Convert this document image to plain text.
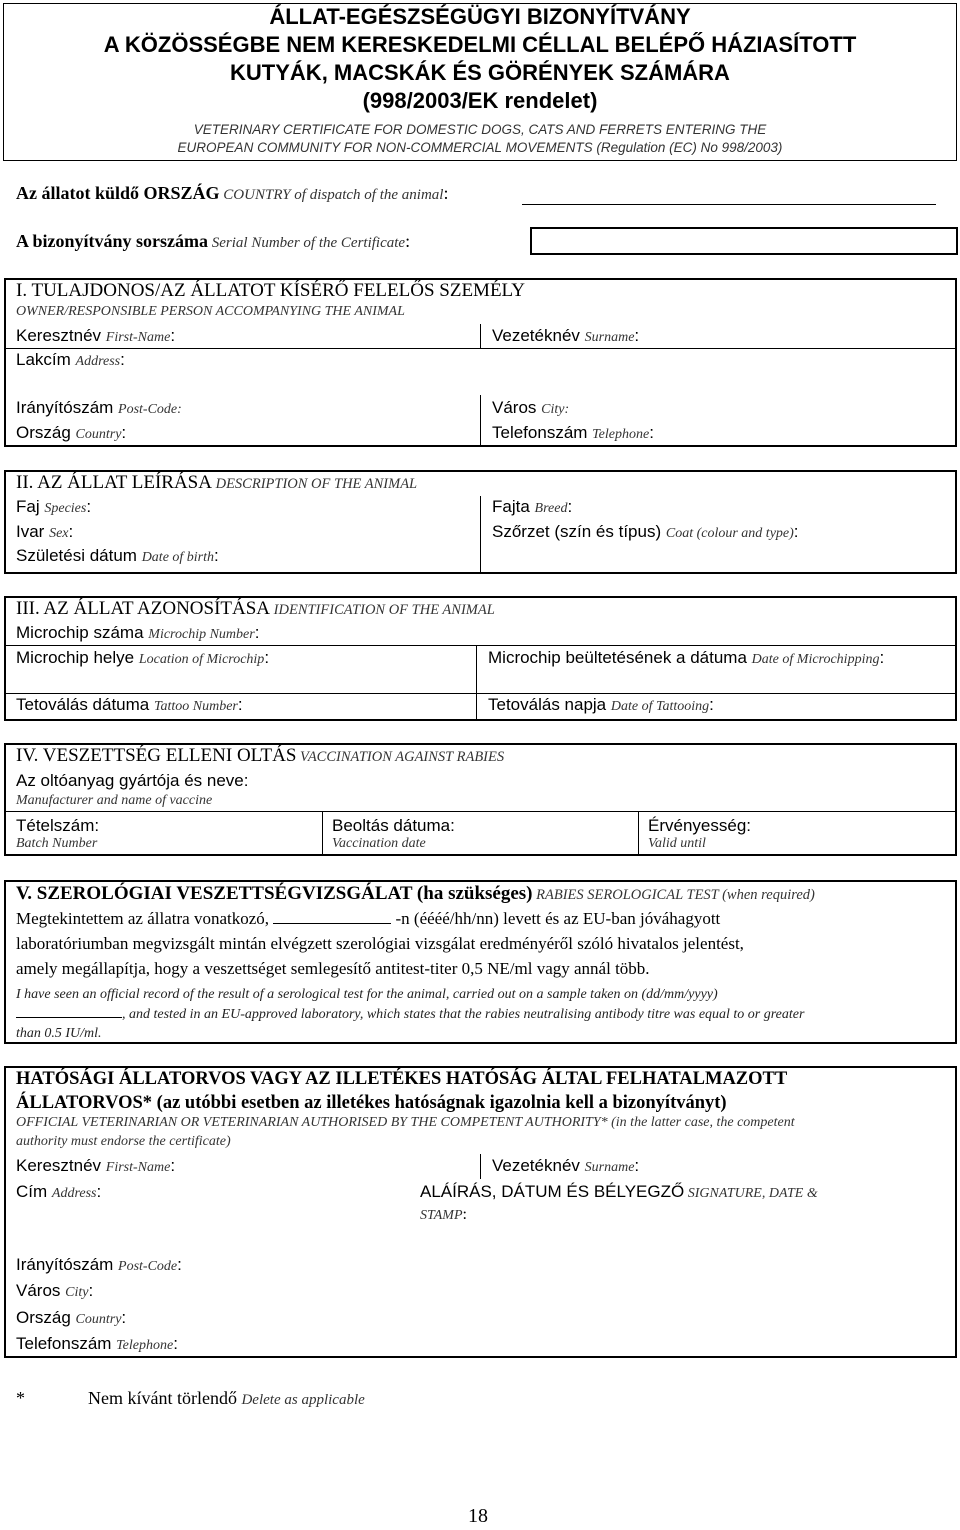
ÁLLAT-EGÉSZSÉGÜGYI BIZONYÍTVÁNY
A KÖZÖSSÉGBE NEM KERESKEDELMI CÉLLAL BELÉPŐ HÁZIASÍTOTT
KUTYÁK, MACSKÁK ÉS GÖRÉNYEK SZÁMÁRA
(998/2003/EK rendelet)
VETERINARY CERTIFICATE FOR DOMESTIC DOGS, CATS AND FERRETS ENTERING THE
EUROPEAN COMMUNITY FOR NON-COMMERCIAL MOVEMENTS (Regulation (EC) No 998/2003)
Az állatot küldő ORSZÁG COUNTRY of dispatch of the animal:
A bizonyítvány sorszáma Serial Number of the Certificate:
I. TULAJDONOS/AZ ÁLLATOT KÍSÉRŐ FELELŐS SZEMÉLY
OWNER/RESPONSIBLE PERSON ACCOMPANYING THE ANIMAL
Keresztnév First-Name:	Vezetéknév Surname:
Lakcím Address:
Irányítószám Post-Code:	Város City:
Ország Country:	Telefonszám Telephone:
II. AZ ÁLLAT LEÍRÁSA DESCRIPTION OF THE ANIMAL
Faj Species:	Fajta Breed:
Ivar Sex:	Szőrzet (szín és típus) Coat (colour and type):
Születési dátum Date of birth:
III. AZ ÁLLAT AZONOSÍTÁSA IDENTIFICATION OF THE ANIMAL
Microchip száma Microchip Number:
Microchip helye Location of Microchip:	Microchip beültetésének a dátuma Date of Microchipping:
Tetoválás dátuma Tattoo Number:	Tetoválás napja Date of Tattooing:
IV. VESZETTSÉG ELLENI OLTÁS VACCINATION AGAINST RABIES
Az oltóanyag gyártója és neve:
Manufacturer and name of vaccine
Tételszám:
Batch Number
Beoltás dátuma:
Vaccination date
Érvényesség:
Valid until
V. SZEROLÓGIAI VESZETTSÉGVIZSGÁLAT (ha szükséges) RABIES SEROLOGICAL TEST (when required)
Megtekintettem az állatra vonatkozó,	-n (éééé/hh/nn) levett és az EU-ban jóváhagyott
laboratóriumban megvizsgált mintán elvégzett szerológiai vizsgálat eredményéről szóló hivatalos jelentést,
amely megállapítja, hogy a veszettséget semlegesítő antitest-titer 0,5 NE/ml vagy annál több.
I have seen an official record of the result of a serological test for the animal, carried out on a sample taken on (dd/mm/yyyy)
, and tested in an EU-approved laboratory, which states that the rabies neutralising antibody titre was equal to or greater
than 0.5 IU/ml.
HATÓSÁGI ÁLLATORVOS VAGY AZ ILLETÉKES HATÓSÁG ÁLTAL FELHATALMAZOTT
ÁLLATORVOS* (az utóbbi esetben az illetékes hatóságnak igazolnia kell a bizonyítványt)
OFFICIAL VETERINARIAN OR VETERINARIAN AUTHORISED BY THE COMPETENT AUTHORITY* (in the latter case, the competent
authority must endorse the certificate)
Keresztnév First-Name:	Vezetéknév Surname:
Cím Address:	ALÁÍRÁS, DÁTUM ÉS BÉLYEGZŐ SIGNATURE, DATE &
STAMP:
Irányítószám Post-Code:
Város City:
Ország Country:
Telefonszám Telephone:
*	Nem kívánt törlendő Delete as applicable
18
